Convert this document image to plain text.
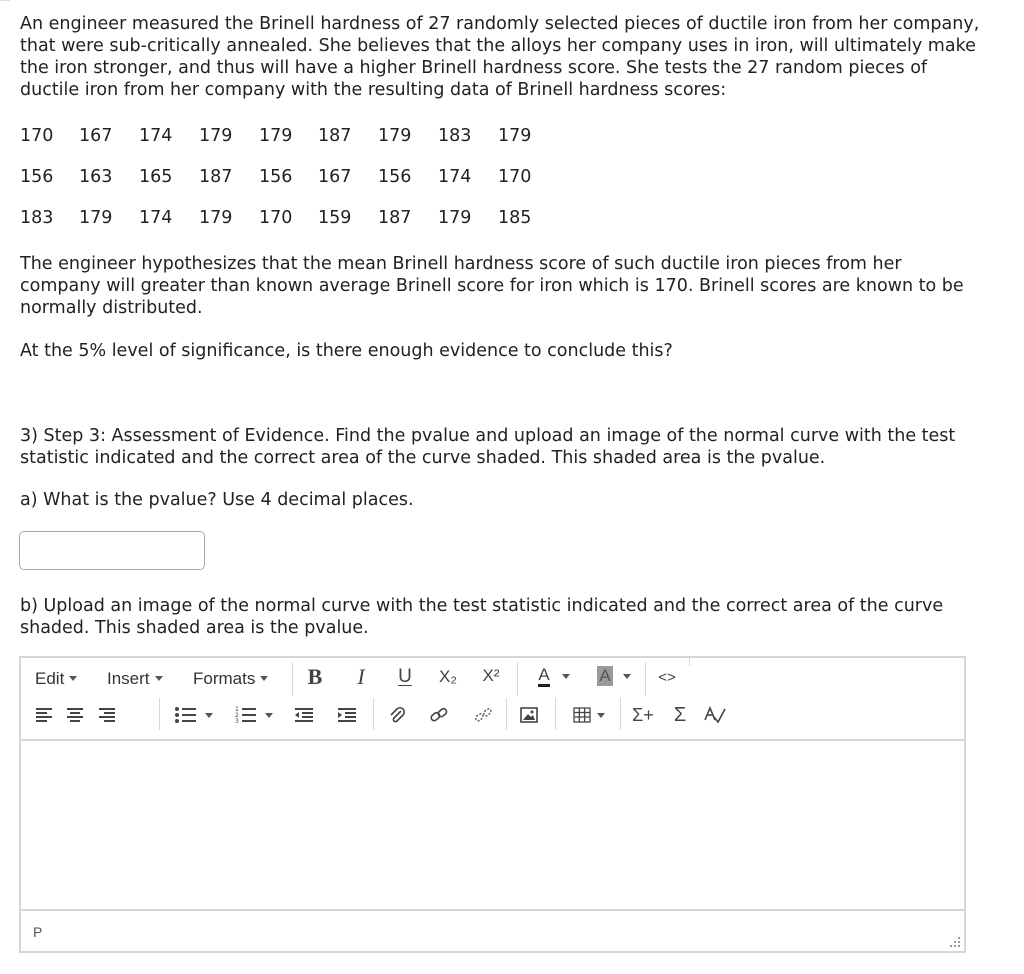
An engineer measured the Brinell hardness of 27 randomly selected pieces of ductile iron from her company, that were sub-critically annealed. She believes that the alloys her company uses in iron, will ultimately make the iron stronger, and thus will have a higher Brinell hardness score. She tests the 27 random pieces of ductile iron from her company with the resulting data of Brinell hardness scores:

170 167 174 179 179 187 179 183 179
156 163 165 187 156 167 156 174 170
183 179 174 179 170 159 187 179 185

The engineer hypothesizes that the mean Brinell hardness score of such ductile iron pieces from her company will greater than known average Brinell score for iron which is 170. Brinell scores are known to be normally distributed.

At the 5% level of significance, is there enough evidence to conclude this?

3) Step 3: Assessment of Evidence. Find the pvalue and upload an image of the normal curve with the test statistic indicated and the correct area of the curve shaded. This shaded area is the pvalue.

a) What is the pvalue? Use 4 decimal places.

b) Upload an image of the normal curve with the test statistic indicated and the correct area of the curve shaded. This shaded area is the pvalue.

Edit	Insert	Formats	B I	U X₂	X²	A	A	<>
1
2
3	Σ+ Σ
P
